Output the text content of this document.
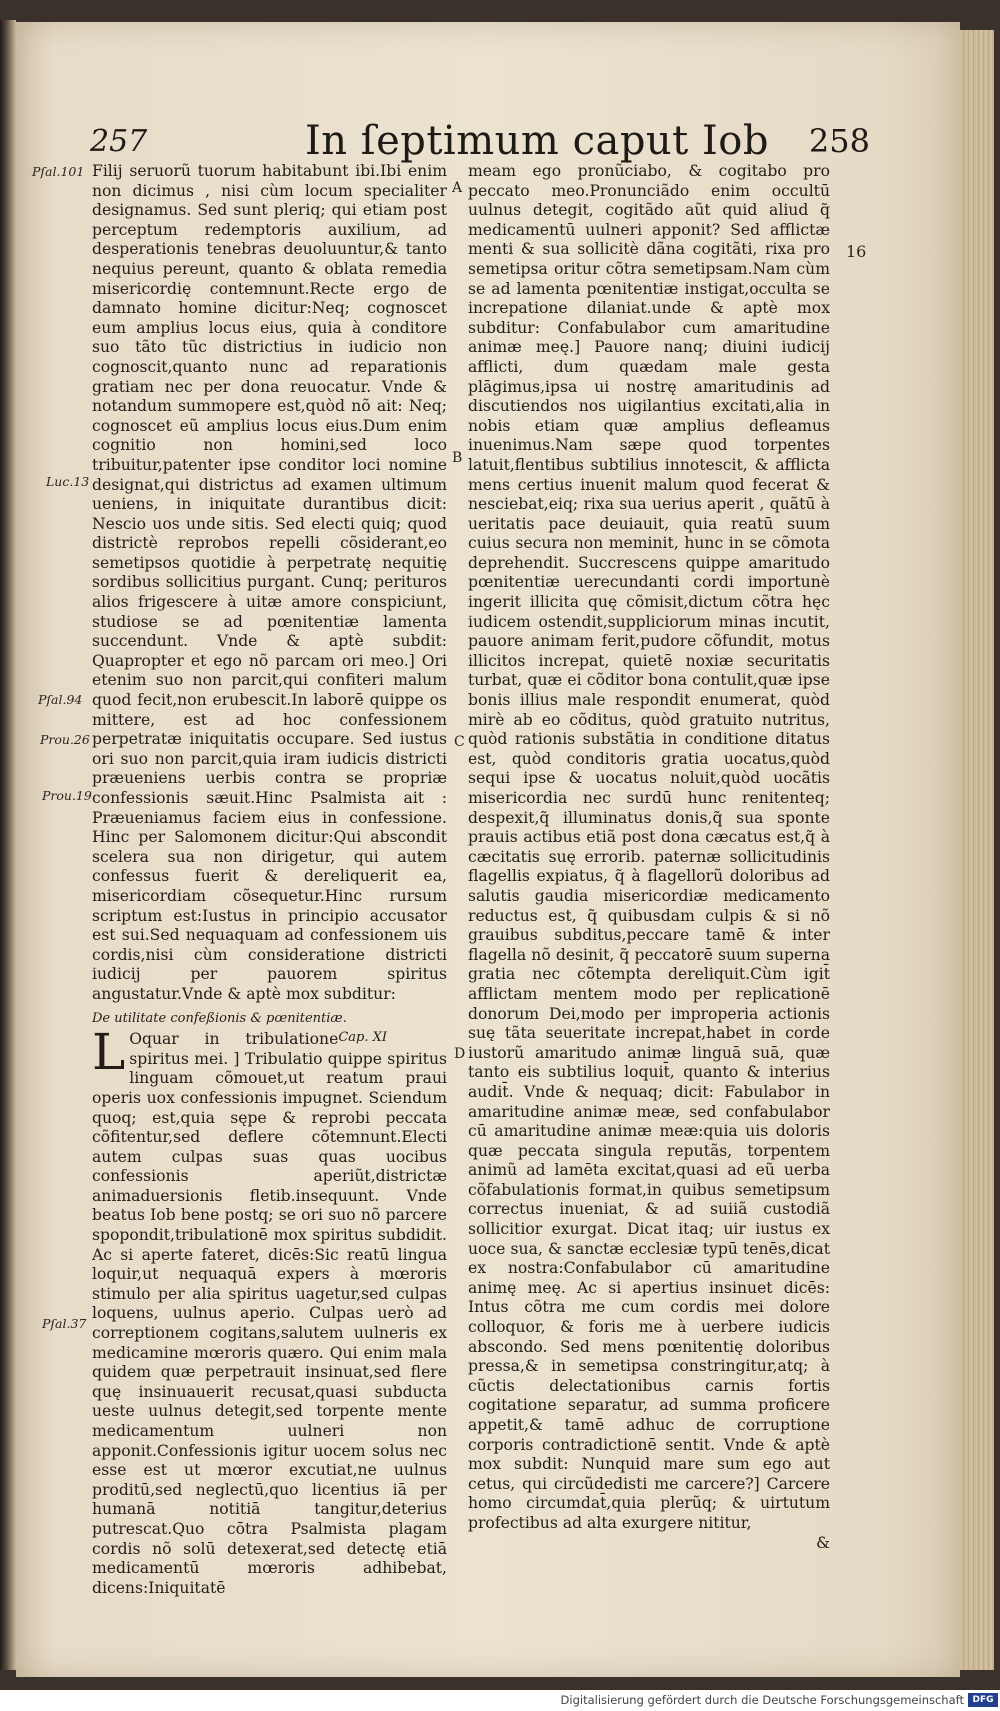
257	In ſeptimum caput Iob 258
Pſal.101
Luc.13
Pſal.94
Prou.26
Prou.19
Pſal.37
A
B
C
D
16

Filij seruorũ tuorum habitabunt ibi.Ibi enim non dicimus , nisi cùm locum specialiter designamus. Sed sunt pleriq; qui etiam post perceptum redemptoris auxilium, ad desperationis tenebras deuoluuntur,& tanto nequius pereunt, quanto & oblata remedia misericordię contemnunt.Recte ergo de damnato homine dicitur:Neq; cognoscet eum amplius locus eius, quia à conditore suo tãto tũc districtius in iudicio non cognoscit,quanto nunc ad reparationis gratiam nec per dona reuocatur. Vnde & notandum summopere est,quòd nõ ait: Neq; cognoscet eũ amplius locus eius.Dum enim cognitio non homini,sed loco tribuitur,patenter ipse conditor loci nomine designat,qui districtus ad examen ultimum ueniens, in iniquitate durantibus dicit: Nescio uos unde sitis. Sed electi quiq; quod districtè reprobos repelli cõsiderant,eo semetipsos quotidie à perpetratę nequitię sordibus sollicitius purgant. Cunq; perituros alios frigescere à uitæ amore conspiciunt, studiose se ad pœnitentiæ lamenta succendunt. Vnde & aptè subdit: Quapropter et ego nõ parcam ori meo.] Ori etenim suo non parcit,qui confiteri malum quod fecit,non erubescit.In laborē quippe os mittere, est ad hoc confessionem perpetratæ iniquitatis occupare. Sed iustus ori suo non parcit,quia iram iudicis districti præueniens uerbis contra se propriæ confessionis sæuit.Hinc Psalmista ait : Præueniamus faciem eius in confessione. Hinc per Salomonem dicitur:Qui abscondit scelera sua non dirigetur, qui autem confessus fuerit & dereliquerit ea, misericordiam cõsequetur.Hinc rursum scriptum est:Iustus in principio accusator est sui.Sed nequaquam ad confessionem uis cordis,nisi cùm consideratione districti iudicij per pauorem spiritus angustatur.Vnde & aptè mox subditur:

De utilitate confeßionis & pœnitentiæ.
Cap. XI

L Oquar in tribulatione spiritus mei. ] Tribulatio quippe spiritus linguam cõmouet,ut reatum praui operis uox confessionis impugnet. Sciendum quoq; est,quia sępe & reprobi peccata cõfitentur,sed deflere cõtemnunt.Electi autem culpas suas quas uocibus confessionis aperiũt,districtæ animaduersionis fletib.insequunt. Vnde beatus Iob bene postq; se ori suo nõ parcere spopondit,tribulationē mox spiritus subdidit. Ac si aperte fateret, dicēs:Sic reatū lingua loquir,ut nequaquā expers à mœroris stimulo per alia spiritus uagetur,sed culpas loquens, uulnus aperio. Culpas uerò ad correptionem cogitans,salutem uulneris ex medicamine mœroris quæro. Qui enim mala quidem quæ perpetrauit insinuat,sed flere quę insinuauerit recusat,quasi subducta ueste uulnus detegit,sed torpente mente medicamentum uulneri non apponit.Confessionis igitur uocem solus nec esse est ut mœror excutiat,ne uulnus proditū,sed neglectū,quo licentius iā per humanā notitiā tangitur,deterius putrescat.Quo cōtra Psalmista plagam cordis nõ solū detexerat,sed detectę etiā medicamentū mœroris adhibebat, dicens:Iniquitatē

meam ego pronũciabo, & cogitabo pro peccato meo.Pronunciãdo enim occultū uulnus detegit, cogitãdo aũt quid aliud q̃ medicamentū uulneri apponit? Sed afflictæ menti & sua sollicitè dãna cogitãti, rixa pro semetipsa oritur cõtra semetipsam.Nam cùm se ad lamenta pœnitentiæ instigat,occulta se increpatione dilaniat.unde & aptè mox subditur: Confabulabor cum amaritudine animæ meę.] Pauore nanq; diuini iudicij afflicti, dum quædam male gesta plāgimus,ipsa ui nostrę amaritudinis ad discutiendos nos uigilantius excitati,alia in nobis etiam quæ amplius defleamus inuenimus.Nam sæpe quod torpentes latuit,flentibus subtilius innotescit, & afflicta mens certius inuenit malum quod fecerat & nesciebat,eiq; rixa sua uerius aperit , quãtū à ueritatis pace deuiauit, quia reatū suum cuius secura non meminit, hunc in se cõmota deprehendit. Succrescens quippe amaritudo pœnitentiæ uerecundanti cordi importunè ingerit illicita quę cõmisit,dictum cõtra hęc iudicem ostendit,suppliciorum minas incutit, pauore animam ferit,pudore cõfundit, motus illicitos increpat, quietē noxiæ securitatis turbat, quæ ei cõditor bona contulit,quæ ipse bonis illius male respondit enumerat, quòd mirè ab eo cõditus, quòd gratuito nutritus, quòd rationis substãtia in conditione ditatus est, quòd conditoris gratia uocatus,quòd sequi ipse & uocatus noluit,quòd uocãtis misericordia nec surdū hunc renitenteq; despexit,q̃ illuminatus donis,q̃ sua sponte prauis actibus etiã post dona cæcatus est,q̃ à cæcitatis suę errorib. paternæ sollicitudinis flagellis expiatus, q̃ à flagellorũ doloribus ad salutis gaudia misericordiæ medicamento reductus est, q̃ quibusdam culpis & si nõ grauibus subditus,peccare tamē & inter flagella nõ desinit, q̃ peccatorē suum superna gratia nec cõtempta dereliquit.Cùm igit̄ afflictam mentem modo per replicationē donorum Dei,modo per improperia actionis suę tãta seueritate increpat,habet in corde iustorũ amaritudo animæ linguā suā, quæ tanto eis subtilius loquit̄, quanto & interius audit̄. Vnde & nequaq; dicit: Fabulabor in amaritudine animæ meæ, sed confabulabor cū amaritudine animæ meæ:quia uis doloris quæ peccata singula reputãs, torpentem animũ ad lamēta excitat,quasi ad eũ uerba cõfabulationis format,in quibus semetipsum correctus inueniat, & ad suiiã custodiã sollicitior exurgat. Dicat itaq; uir iustus ex uoce sua, & sanctæ ecclesiæ typū tenēs,dicat ex nostra:Confabulabor cū amaritudine animę meę. Ac si apertius insinuet dicēs: Intus cõtra me cum cordis mei dolore colloquor, & foris me à uerbere iudicis abscondo. Sed mens pœnitentię doloribus pressa,& in semetipsa constringitur,atq; à cũctis delectationibus carnis fortis cogitatione separatur, ad summa proficere appetit,& tamē adhuc de corruptione corporis contradictionē sentit. Vnde & aptè mox subdit: Nunquid mare sum ego aut cetus, qui circũdedisti me carcere?] Carcere homo circumdat̄,quia plerũq; & uirtutum profectibus ad alta exurgere nititur,

&

Digitalisierung gefördert durch die Deutsche Forschungsgemeinschaft DFG
